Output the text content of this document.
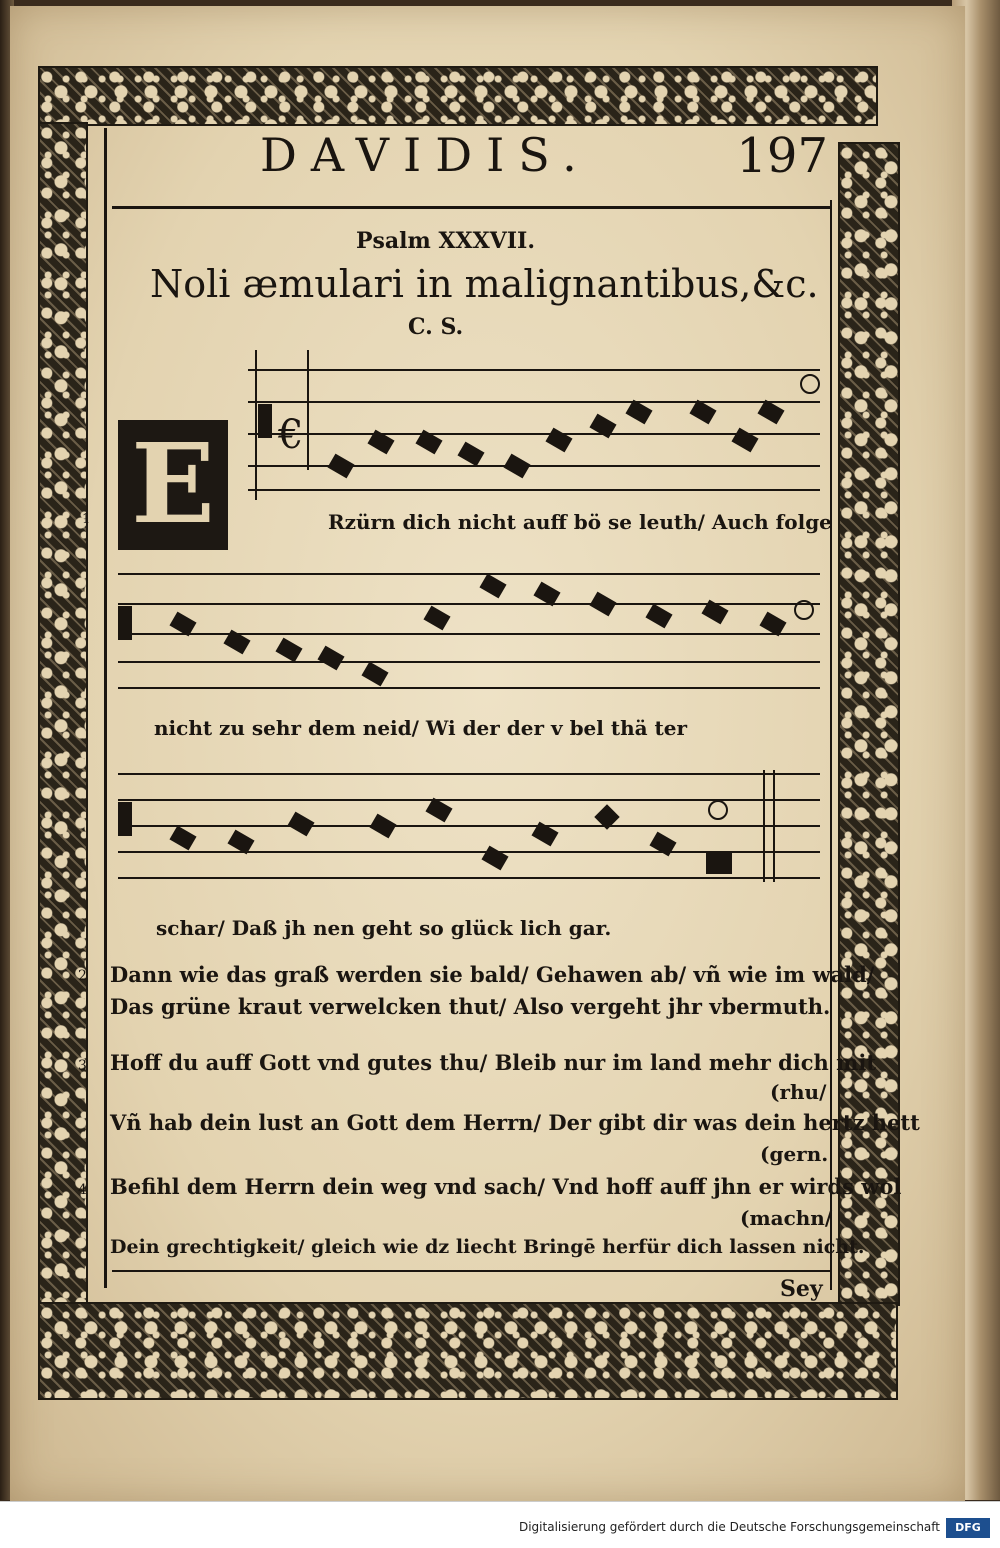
DAVIDIS.	197
Psalm XXXVII.
Noli æmulari in malignantibus,&c.
C. S.
E
1
€
Rzürn dich nicht auff bö se leuth/ Auch folge
nicht zu sehr dem neid/ Wi der der v bel thä ter
schar/ Daß jh nen geht so glück lich gar.
2 Dann wie das graß werden sie bald/ Gehawen ab/ vñ wie im wald/
Das grüne kraut verwelcken thut/ Also vergeht jhr vbermuth.
3 Hoff du auff Gott vnd gutes thu/ Bleib nur im land mehr dich mit
(rhu/
Vñ hab dein lust an Gott dem Herrn/ Der gibt dir was dein hertz hett
(gern.
4 Befihl dem Herrn dein weg vnd sach/ Vnd hoff auff jhn er wirds wol
(machn/
Dein grechtigkeit/ gleich wie dz liecht Bringē herfür dich lassen nicht.
Sey
Digitalisierung gefördert durch die Deutsche Forschungsgemeinschaft	DFG
